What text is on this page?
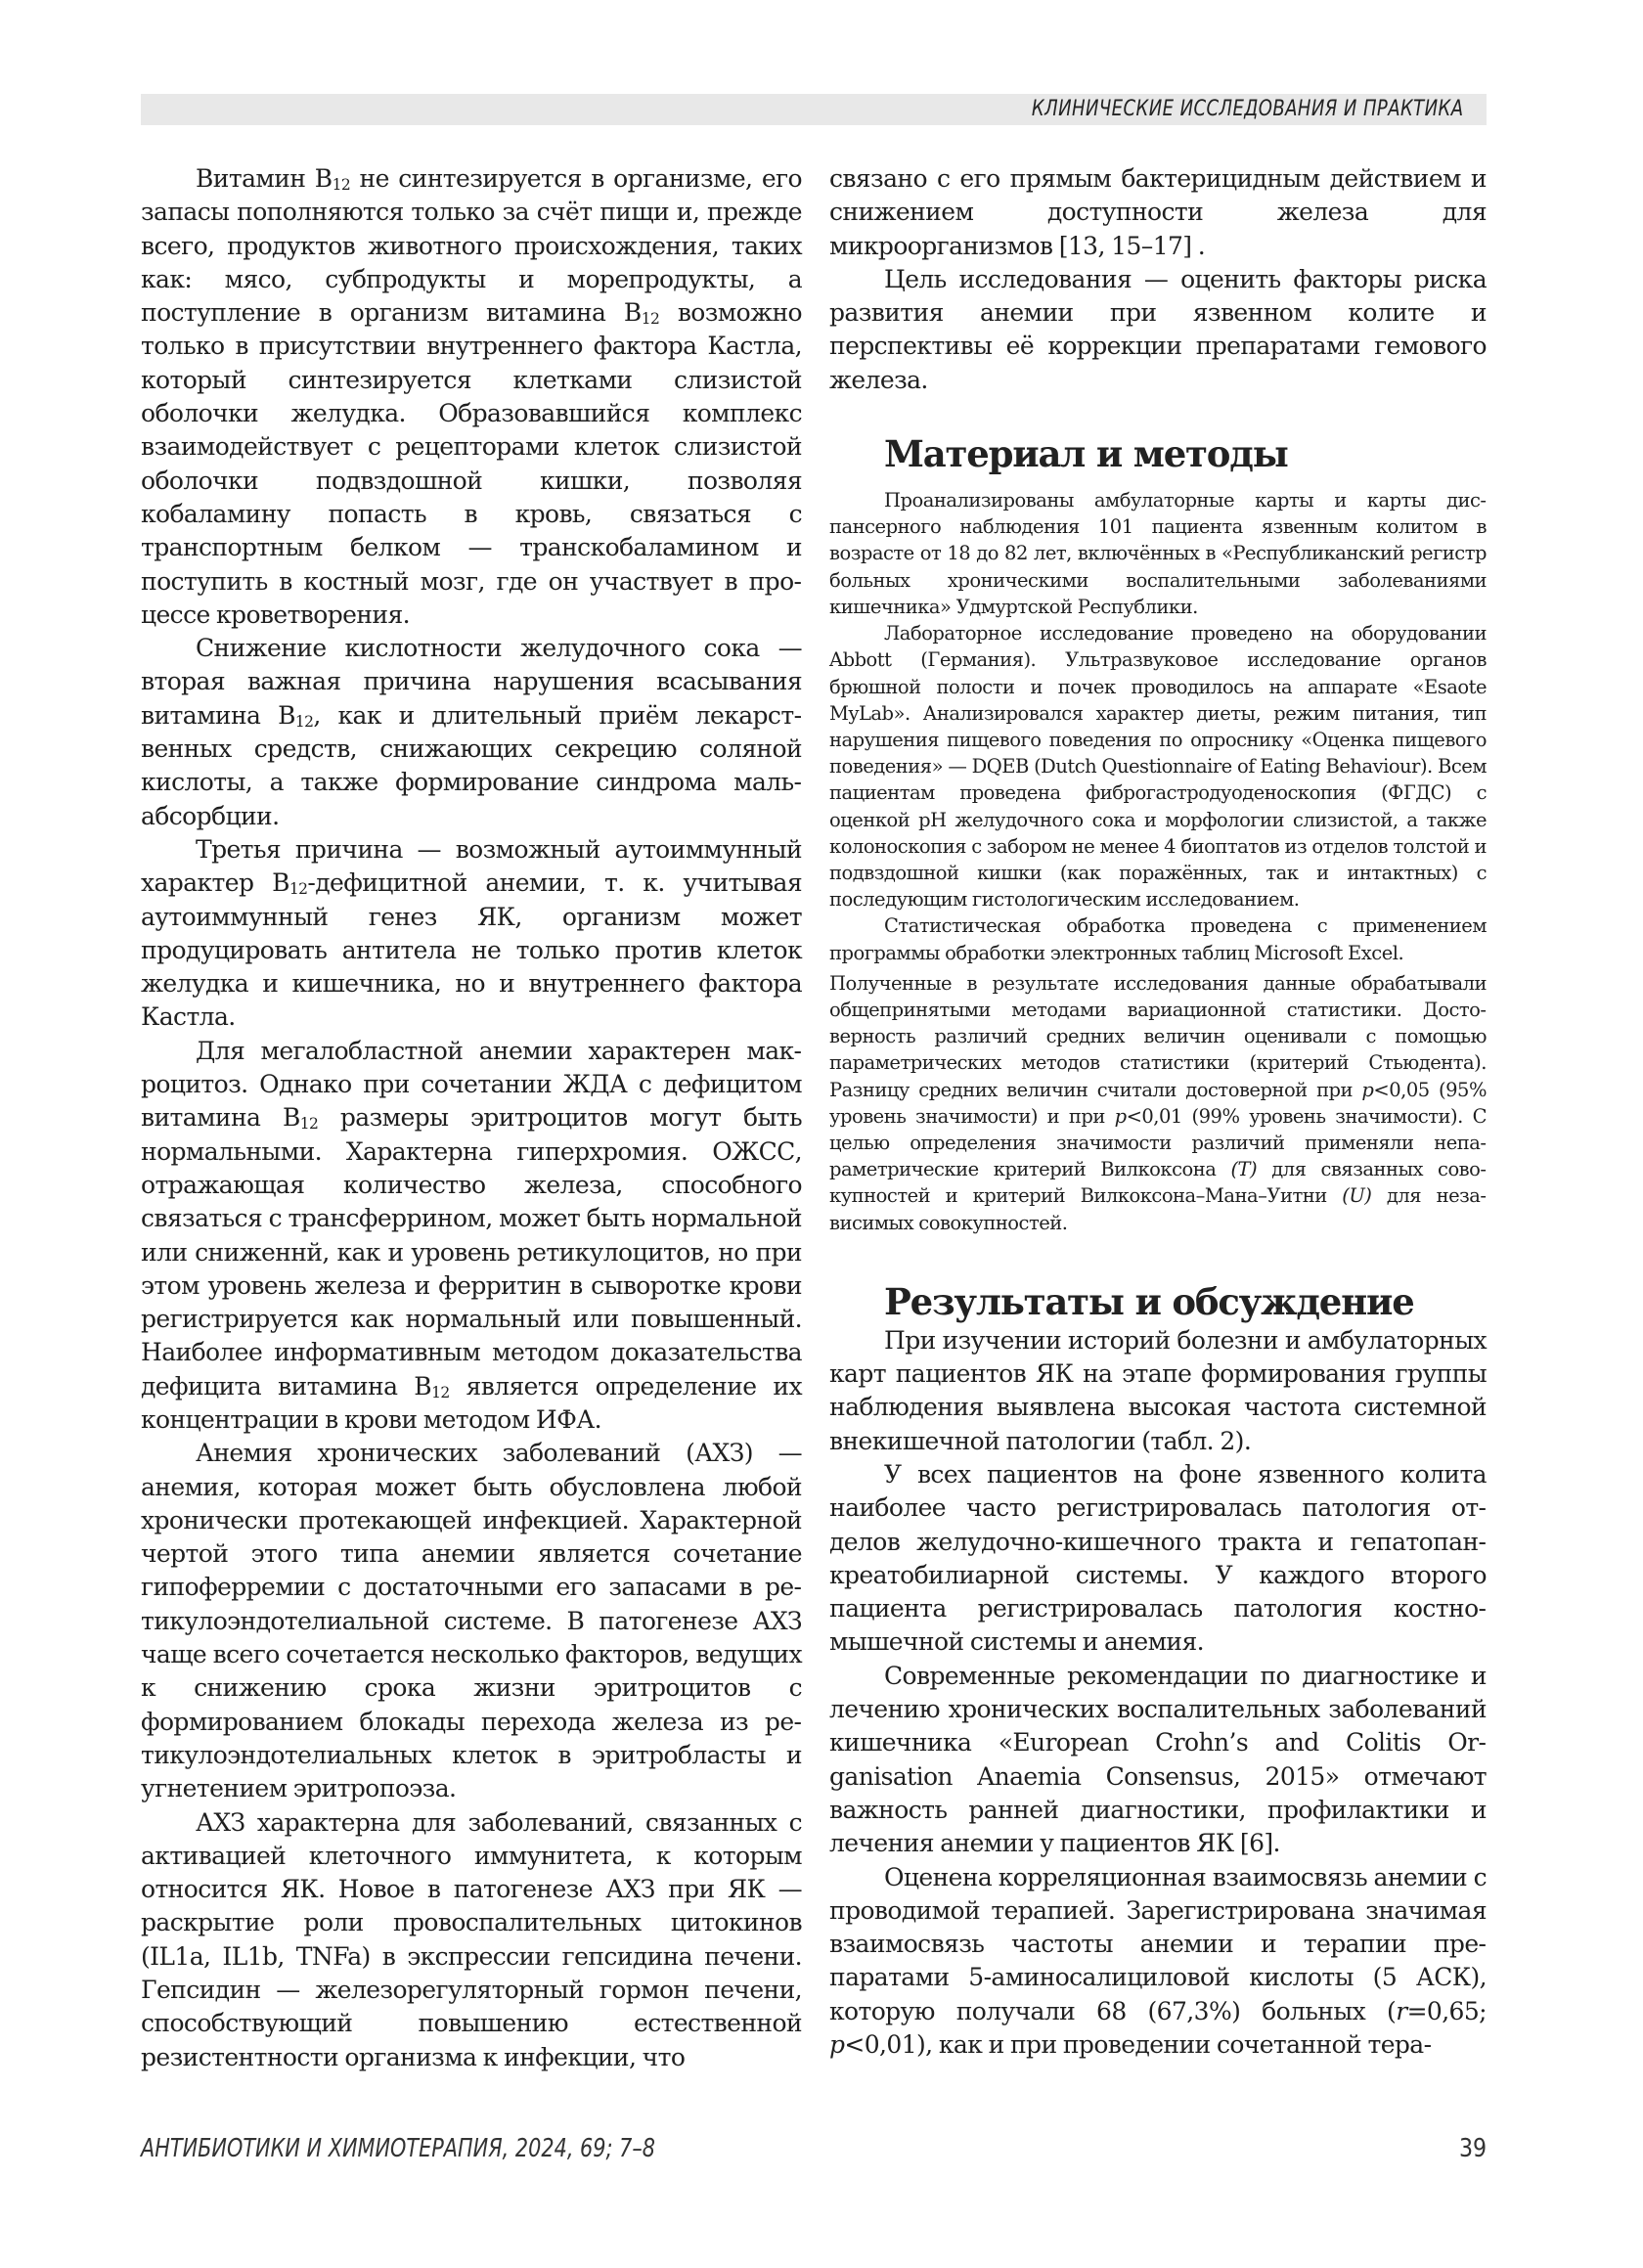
КЛИНИЧЕСКИЕ ИССЛЕДОВАНИЯ И ПРАКТИКА

Витамин $B_{12}$ не синтезируется в организме, его запасы пополняются только за счёт пищи и, прежде всего, продуктов животного происхождения, таких как: мясо, субпродукты и морепродукты, а поступление в организм витамина $B_{12}$ возможно только в присутствии внутреннего фактора Кастла, который синтезируется клетками слизистой оболочки желудка. Образовавшийся комплекс взаимодействует с рецепторами клеток слизистой оболочки подвздошной кишки, позволяя кобаламину попасть в кровь, связаться с транспортным белком — транскобаламином и поступить в костный мозг, где он участвует в процессе кроветворения.

Снижение кислотности желудочного сока — вторая важная причина нарушения всасывания витамина $B_{12}$, как и длительный приём лекарственных средств, снижающих секрецию соляной кислоты, а также формирование синдрома мальабсорбции.

Третья причина — возможный аутоиммунный характер $B_{12}$-дефицитной анемии, т. к. учитывая аутоиммунный генез ЯК, организм может продуцировать антитела не только против клеток желудка и кишечника, но и внутреннего фактора Кастла.

Для мегалобластной анемии характерен макроцитоз. Однако при сочетании ЖДА с дефицитом витамина $B_{12}$ размеры эритроцитов могут быть нормальными. Характерна гиперхромия. ОЖСС, отражающая количество железа, способного связаться с трансферрином, может быть нормальной или сниженнй, как и уровень ретикулоцитов, но при этом уровень железа и ферритин в сыворотке крови регистрируется как нормальный или повышенный. Наиболее информативным методом доказательства дефицита витамина $B_{12}$ является определение их концентрации в крови методом ИФА.

Анемия хронических заболеваний (АХЗ) — анемия, которая может быть обусловлена любой хронически протекающей инфекцией. Характерной чертой этого типа анемии является сочетание гипоферремии с достаточными его запасами в ретикулоэндотелиальной системе. В патогенезе АХЗ чаще всего сочетается несколько факторов, ведущих к снижению срока жизни эритроцитов с формированием блокады перехода железа из ретикулоэндотелиальных клеток в эритробласты и угнетением эритропоэза.

АХЗ характерна для заболеваний, связанных с активацией клеточного иммунитета, к которым относится ЯК. Новое в патогенезе АХЗ при ЯК — раскрытие роли провоспалительных цитокинов (IL1a, IL1b, TNFa) в экспрессии гепсидина печени. Гепсидин — железорегуляторный гормон печени, способствующий повышению естественной резистентности организма к инфекции, что

связано с его прямым бактерицидным действием и снижением доступности железа для микроорганизмов [13, 15–17] .

Цель исследования — оценить факторы риска развития анемии при язвенном колите и перспективы её коррекции препаратами гемового железа.

Материал и методы

Проанализированы амбулаторные карты и карты диспансерного наблюдения 101 пациента язвенным колитом в возрасте от 18 до 82 лет, включённых в «Республиканский регистр больных хроническими воспалительными заболеваниями кишечника» Удмуртской Республики.

Лабораторное исследование проведено на оборудовании Abbott (Германия). Ультразвуковое исследование органов брюшной полости и почек проводилось на аппарате «Esaote MyLab». Анализировался характер диеты, режим питания, тип нарушения пищевого поведения по опроснику «Оценка пищевого поведения» — DQEB (Dutch Questionnaire of Eating Behaviour). Всем пациентам проведена фиброгастродуоденоскопия (ФГДС) с оценкой pH желудочного сока и морфологии слизистой, а также колоноскопия с забором не менее 4 биоптатов из отделов толстой и подвздошной кишки (как поражённых, так и интактных) с последующим гистологическим исследованием.

Статистическая обработка проведена с применением программы обработки электронных таблиц Microsoft Excel.

Полученные в результате исследования данные обрабатывали общепринятыми методами вариационной статистики. Достоверность различий средних величин оценивали с помощью параметрических методов статистики (критерий Стьюдента). Разницу средних величин считали достоверной при p<0,05 (95% уровень значимости) и при p<0,01 (99% уровень значимости). С целью определения значимости различий применяли непараметрические критерий Вилкоксона (T) для связанных совокупностей и критерий Вилкоксона–Мана–Уитни (U) для независимых совокупностей.

Результаты и обсуждение

При изучении историй болезни и амбулаторных карт пациентов ЯК на этапе формирования группы наблюдения выявлена высокая частота системной внекишечной патологии (табл. 2).

У всех пациентов на фоне язвенного колита наиболее часто регистрировалась патология отделов желудочно-кишечного тракта и гепатопанкреатобилиарной системы. У каждого второго пациента регистрировалась патология костномышечной системы и анемия.

Современные рекомендации по диагностике и лечению хронических воспалительных заболеваний кишечника «European Crohn’s and Colitis Organisation Anaemia Consensus, 2015» отмечают важность ранней диагностики, профилактики и лечения анемии у пациентов ЯК [6].

Оценена корреляционная взаимосвязь анемии с проводимой терапией. Зарегистрирована значимая взаимосвязь частоты анемии и терапии препаратами 5-аминосалициловой кислоты (5 АСК), которую получали 68 (67,3%) больных (r=0,65; p<0,01), как и при проведении сочетанной тера-

АНТИБИОТИКИ И ХИМИОТЕРАПИЯ, 2024, 69; 7–8	39
